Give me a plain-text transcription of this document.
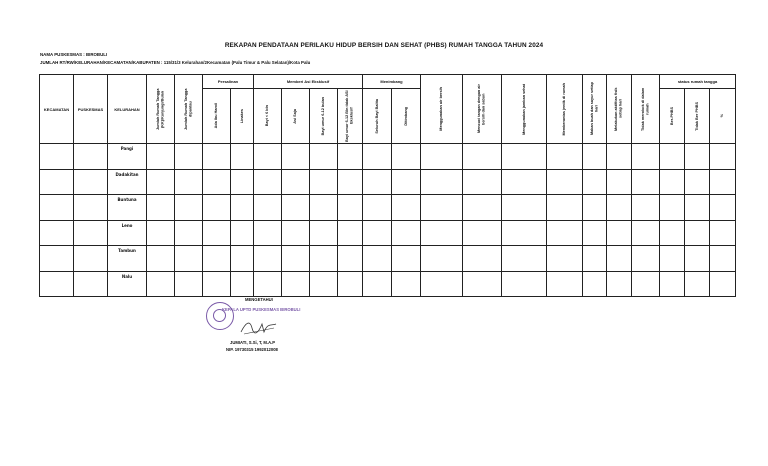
REKAPAN PENDATAAN PERILAKU HIDUP BERSIH DAN SEHAT (PHBS) RUMAH TANGGA TAHUN 2024
NAMA PUSKESMAS : BIROBULI
JUMLAH RT/RW/KELURAHAN/KECAMATAN/KABUPATEN : 115/31/3 Kelurahan/2Kecamatan (Palu Timur & Palu Selatan)/Kota Palu
KECAMATAN	PUSKESMAS	KELURAHAN	Jumlah Rumah Tangga (KK)/Kunjungi/Bulan	Jumlah Rumah Tangga dipantau	Persalinan		Memberi Asi Eksklusif				Menimbang		Menggunakan air bersih	Mencuci tangan dengan air bersih dan sabun	Menggunakan jamban sehat	Memberantas jentik di rumah	Makan buah dan sayur setiap hari	Melakukan aktifitas fisik setiap hari	Tidak merokok di dalam rumah	status rumah tangga		

					Ada Ibu Hamil	Linakes	Bayi < 6 bln	Asi Saja	Bayi umur 6-12 bulan	Bayi umur 6-12 Bln tidak ASI Eksklusif	Seluruh Bayi Balita	Ditimbang								Ber-PHBS	Tidak Ber PHBS	%

		Pangi																				
		Dadakitan																				
		Buntuna																				
		Leno																				
		Tambun																				
		Nalu																				
MENGETAHUI
KEPALA UPTD PUSKESMAS BIROBULI
JUMIATI, S.Si, T, M.A.P
NIP. 19730315 1992012008
